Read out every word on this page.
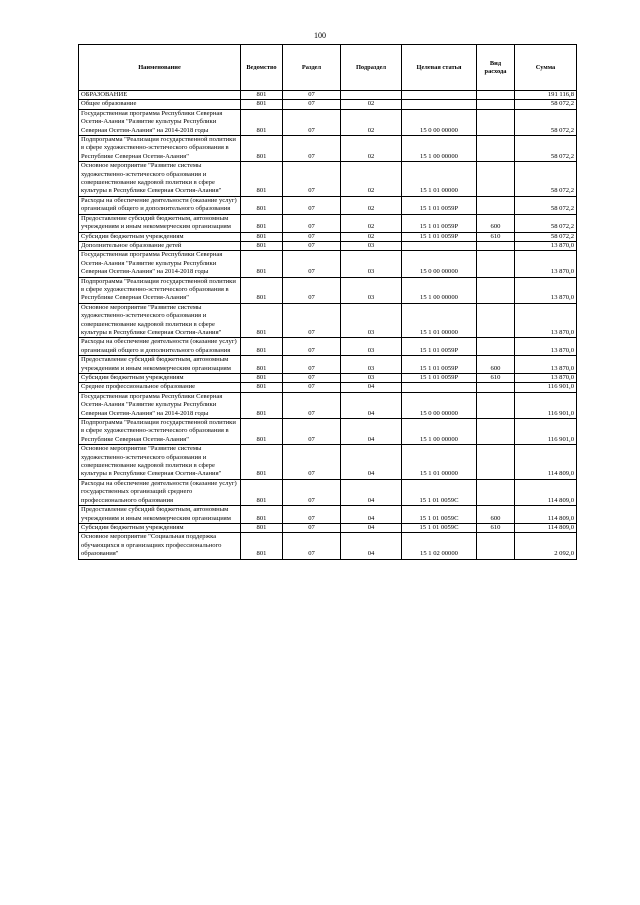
100
Наименование	Ведомство	Раздел	Подраздел	Целевая статья	Вид расхода	Сумма
ОБРАЗОВАНИЕ	801	07				191 116,8
Общее образование	801	07	02			58 072,2
Государственная программа Республики Северная Осетия-Алания "Развитие культуры Республики Северная Осетия-Алания" на 2014-2018 годы	801	07	02	15 0 00 00000		58 072,2
Подпрограмма "Реализация государственной политики в сфере художественно-эстетического образования в Республике Северная Осетия-Алания"	801	07	02	15 1 00 00000		58 072,2
Основное мероприятие "Развитие системы художественно-эстетического образования и совершенствование кадровой политики в сфере культуры в Республике Северная Осетия-Алания"	801	07	02	15 1 01 00000		58 072,2
Расходы на обеспечение деятельности (оказание услуг) организаций общего и дополнительного образования	801	07	02	15 1 01 0059Р		58 072,2
Предоставление субсидий бюджетным, автономным учреждениям и иным некоммерческим организациям	801	07	02	15 1 01 0059Р	600	58 072,2
Субсидии бюджетным учреждениям	801	07	02	15 1 01 0059Р	610	58 072,2
Дополнительное образование детей	801	07	03			13 870,0
Государственная программа Республики Северная Осетия-Алания "Развитие культуры Республики Северная Осетия-Алания" на 2014-2018 годы	801	07	03	15 0 00 00000		13 870,0
Подпрограмма "Реализация государственной политики в сфере художественно-эстетического образования в Республике Северная Осетия-Алания"	801	07	03	15 1 00 00000		13 870,0
Основное мероприятие "Развитие системы художественно-эстетического образования и совершенствование кадровой политики в сфере культуры в Республике Северная Осетия-Алания"	801	07	03	15 1 01 00000		13 870,0
Расходы на обеспечение деятельности (оказание услуг) организаций общего и дополнительного образования	801	07	03	15 1 01 0059Р		13 870,0
Предоставление субсидий бюджетным, автономным учреждениям и иным некоммерческим организациям	801	07	03	15 1 01 0059Р	600	13 870,0
Субсидии бюджетным учреждениям	801	07	03	15 1 01 0059Р	610	13 870,0
Среднее профессиональное образование	801	07	04			116 901,0
Государственная программа Республики Северная Осетия-Алания "Развитие культуры Республики Северная Осетия-Алания" на 2014-2018 годы	801	07	04	15 0 00 00000		116 901,0
Подпрограмма "Реализация государственной политики в сфере художественно-эстетического образования в Республике Северная Осетия-Алания"	801	07	04	15 1 00 00000		116 901,0
Основное мероприятие "Развитие системы художественно-эстетического образования и совершенствование кадровой политики в сфере культуры в Республике Северная Осетия-Алания"	801	07	04	15 1 01 00000		114 809,0
Расходы на обеспечение деятельности (оказание услуг) государственных организаций среднего профессионального образования	801	07	04	15 1 01 0059С		114 809,0
Предоставление субсидий бюджетным, автономным учреждениям и иным некоммерческим организациям	801	07	04	15 1 01 0059С	600	114 809,0
Субсидии бюджетным учреждениям	801	07	04	15 1 01 0059С	610	114 809,0
Основное мероприятие "Социальная поддержка обучающихся в организациях профессионального образования"	801	07	04	15 1 02 00000		2 092,0
